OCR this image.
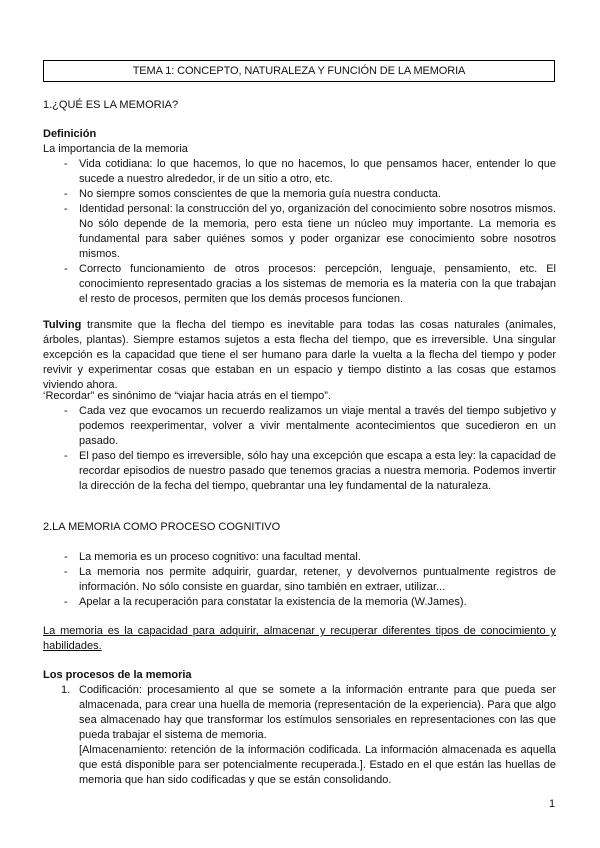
TEMA 1: CONCEPTO, NATURALEZA Y FUNCIÓN DE LA MEMORIA
1.¿QUÉ ES LA MEMORIA?
Definición
La importancia de la memoria
- Vida cotidiana: lo que hacemos, lo que no hacemos, lo que pensamos hacer, entender lo que sucede a nuestro alrededor, ir de un sitio a otro, etc.
- No siempre somos conscientes de que la memoria guía nuestra conducta.
- Identidad personal: la construcción del yo, organización del conocimiento sobre nosotros mismos. No sólo depende de la memoria, pero esta tiene un núcleo muy importante. La memoria es fundamental para saber quiénes somos y poder organizar ese conocimiento sobre nosotros mismos.
- Correcto funcionamiento de otros procesos: percepción, lenguaje, pensamiento, etc. El conocimiento representado gracias a los sistemas de memoria es la materia con la que trabajan el resto de procesos, permiten que los demás procesos funcionen.
Tulving transmite que la flecha del tiempo es inevitable para todas las cosas naturales (animales, árboles, plantas). Siempre estamos sujetos a esta flecha del tiempo, que es irreversible. Una singular excepción es la capacidad que tiene el ser humano para darle la vuelta a la flecha del tiempo y poder revivir y experimentar cosas que estaban en un espacio y tiempo distinto a las cosas que estamos viviendo ahora.
‘Recordar” es sinónimo de “viajar hacia atrás en el tiempo”.
- Cada vez que evocamos un recuerdo realizamos un viaje mental a través del tiempo subjetivo y podemos reexperimentar, volver a vivir mentalmente acontecimientos que sucedieron en un pasado.
- El paso del tiempo es irreversible, sólo hay una excepción que escapa a esta ley: la capacidad de recordar episodios de nuestro pasado que tenemos gracias a nuestra memoria. Podemos invertir la dirección de la fecha del tiempo, quebrantar una ley fundamental de la naturaleza.
2.LA MEMORIA COMO PROCESO COGNITIVO
- La memoria es un proceso cognitivo: una facultad mental.
- La memoria nos permite adquirir, guardar, retener, y devolvernos puntualmente registros de información. No sólo consiste en guardar, sino también en extraer, utilizar...
- Apelar a la recuperación para constatar la existencia de la memoria (W.James).
La memoria es la capacidad para adquirir, almacenar y recuperar diferentes tipos de conocimiento y habilidades.
Los procesos de la memoria
1. Codificación: procesamiento al que se somete a la información entrante para que pueda ser almacenada, para crear una huella de memoria (representación de la experiencia). Para que algo sea almacenado hay que transformar los estímulos sensoriales en representaciones con las que pueda trabajar el sistema de memoria.
[Almacenamiento: retención de la información codificada. La información almacenada es aquella que está disponible para ser potencialmente recuperada.]. Estado en el que están las huellas de memoria que han sido codificadas y que se están consolidando.
1
